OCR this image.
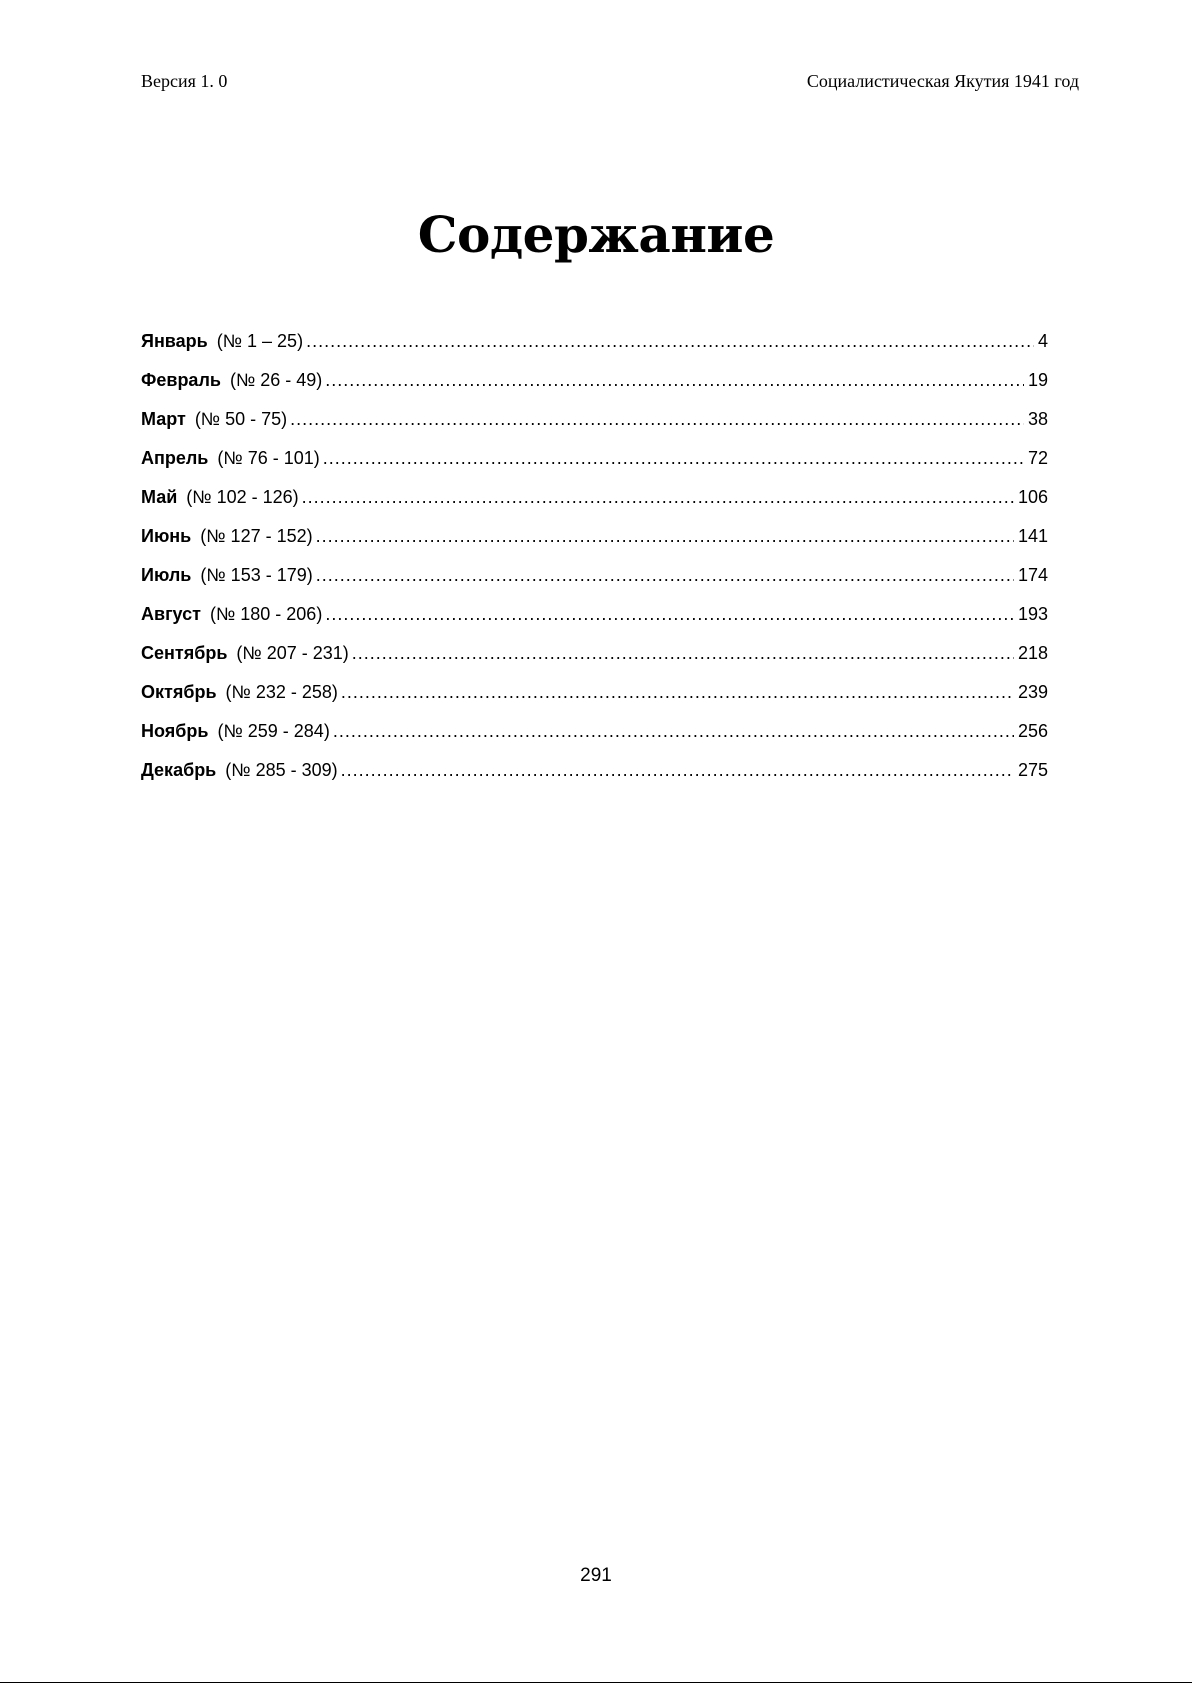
Версия 1. 0	Социалистическая Якутия 1941 год
Содержание
Январь (№ 1 – 25) .....	4
Февраль (№ 26 - 49) .....	19
Март (№ 50 - 75) .....	38
Апрель (№ 76 - 101) .....	72
Май (№ 102 - 126) .....	106
Июнь (№ 127 - 152) .....	141
Июль (№ 153 - 179) .....	174
Август (№ 180 - 206) .....	193
Сентябрь (№ 207 - 231) .....	218
Октябрь (№ 232 - 258) .....	239
Ноябрь (№ 259 - 284) .....	256
Декабрь (№ 285 - 309) .....	275
291
